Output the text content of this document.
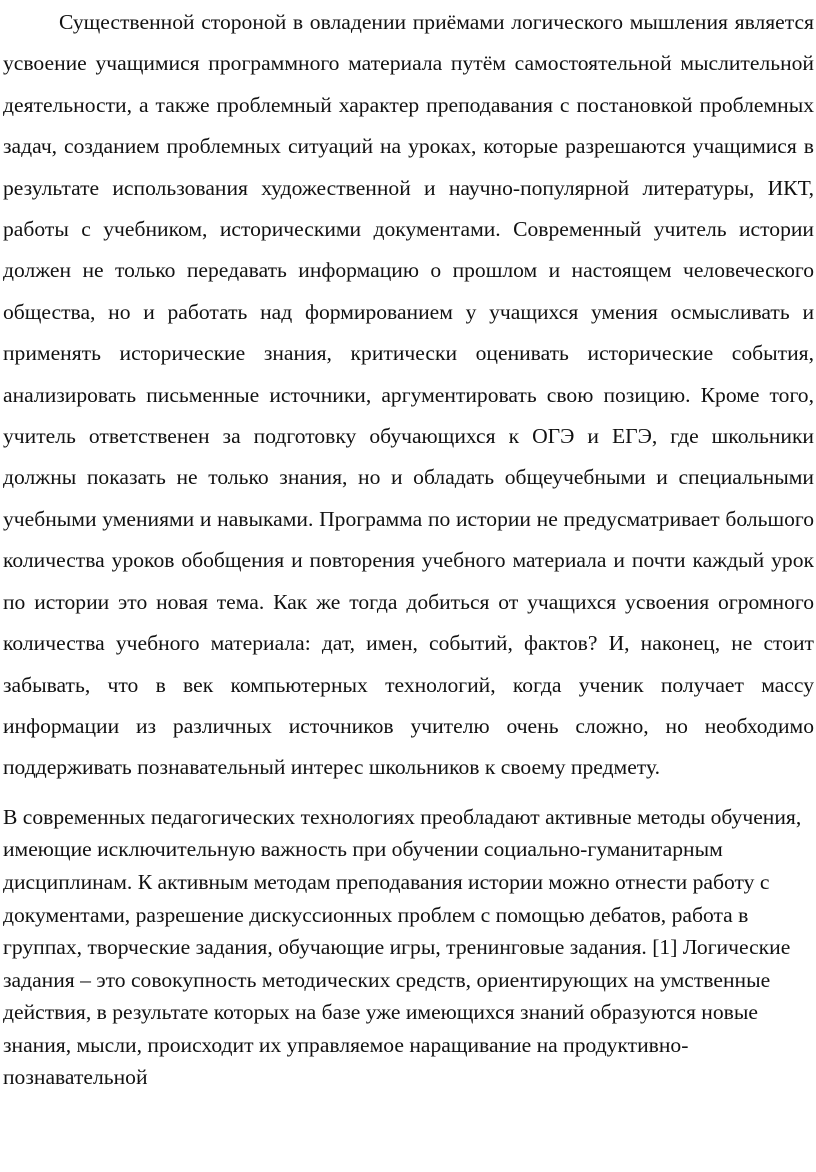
Существенной стороной в овладении приёмами логического мышления является усвоение учащимися программного материала путём самостоятельной мыслительной деятельности, а также проблемный характер преподавания с постановкой проблемных задач, созданием проблемных ситуаций на уроках, которые разрешаются учащимися в результате использования художественной и научно-популярной литературы, ИКТ, работы с учебником, историческими документами. Современный учитель истории должен не только передавать информацию о прошлом и настоящем человеческого общества, но и работать над формированием у учащихся умения осмысливать и применять исторические знания, критически оценивать исторические события, анализировать письменные источники, аргументировать свою позицию. Кроме того, учитель ответственен за подготовку обучающихся к ОГЭ и ЕГЭ, где школьники должны показать не только знания, но и обладать общеучебными и специальными учебными умениями и навыками. Программа по истории не предусматривает большого количества уроков обобщения и повторения учебного материала и почти каждый урок по истории это новая тема. Как же тогда добиться от учащихся усвоения огромного количества учебного материала: дат, имен, событий, фактов? И, наконец, не стоит забывать, что в век компьютерных технологий, когда ученик получает массу информации из различных источников учителю очень сложно, но необходимо поддерживать познавательный интерес школьников к своему предмету.

В современных педагогических технологиях преобладают активные методы обучения, имеющие исключительную важность при обучении социально-гуманитарным дисциплинам. К активным методам преподавания истории можно отнести работу с документами, разрешение дискуссионных проблем с помощью дебатов, работа в группах, творческие задания, обучающие игры, тренинговые задания. [1] Логические задания – это совокупность методических средств, ориентирующих на умственные действия, в результате которых на базе уже имеющихся знаний образуются новые знания, мысли, происходит их управляемое наращивание на продуктивно-познавательной
